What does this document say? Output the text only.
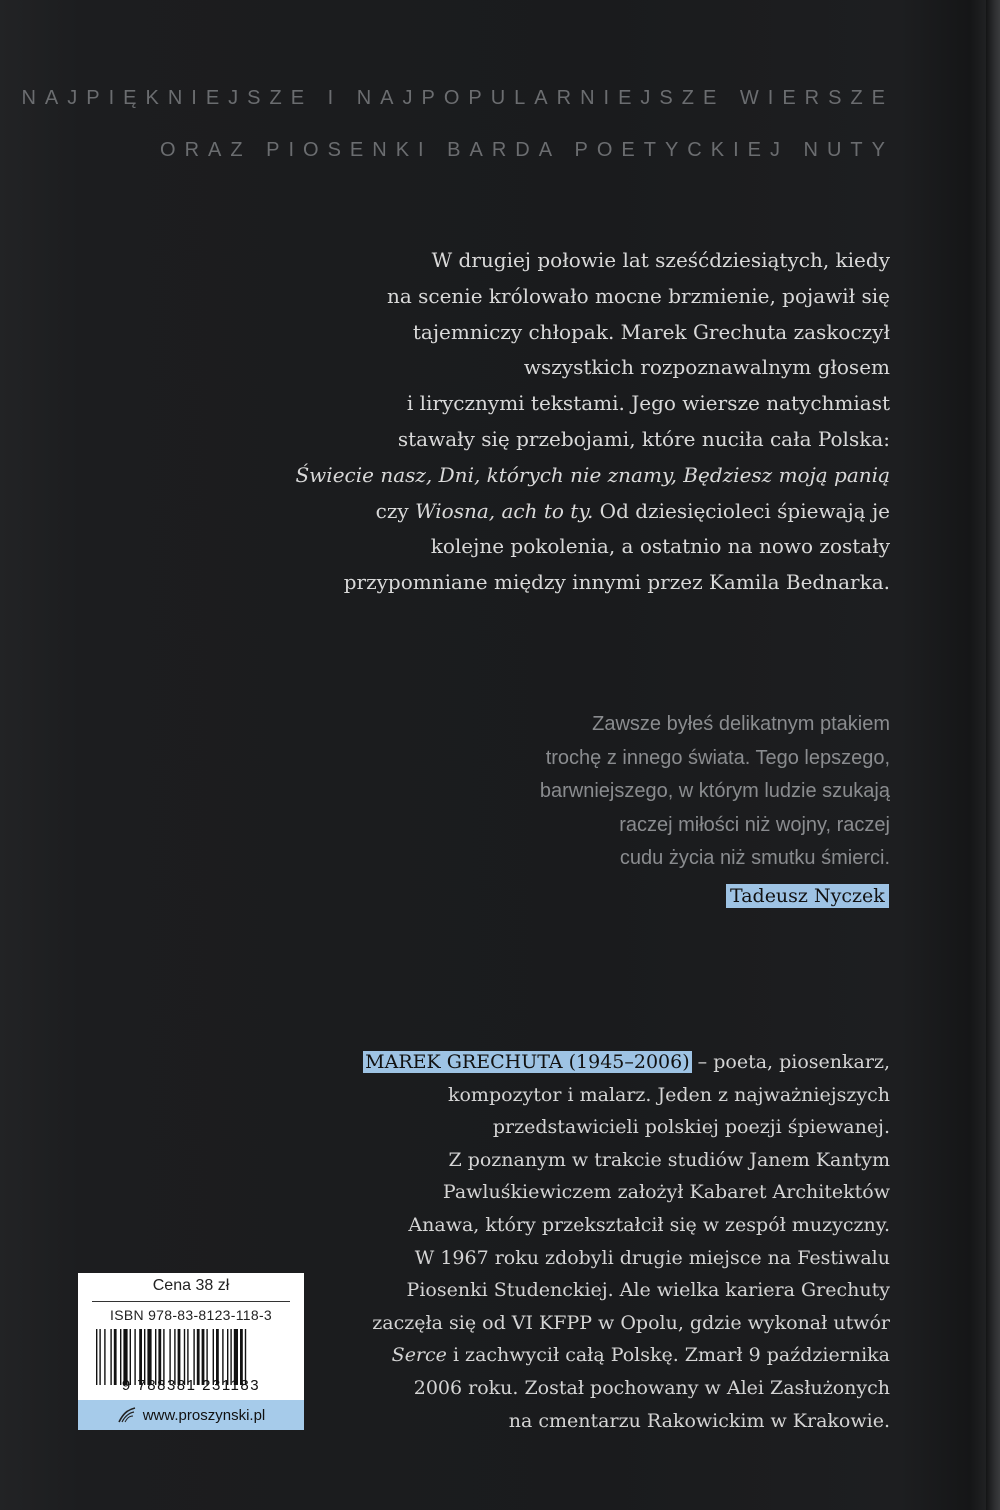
NAJPIĘKNIEJSZE I NAJPOPULARNIEJSZE WIERSZE
ORAZ PIOSENKI BARDA POETYCKIEJ NUTY
W drugiej połowie lat sześćdziesiątych, kiedy
na scenie królowało mocne brzmienie, pojawił się
tajemniczy chłopak. Marek Grechuta zaskoczył
wszystkich rozpoznawalnym głosem
i lirycznymi tekstami. Jego wiersze natychmiast
stawały się przebojami, które nuciła cała Polska:
Świecie nasz, Dni, których nie znamy, Będziesz moją panią
czy Wiosna, ach to ty. Od dziesięcioleci śpiewają je
kolejne pokolenia, a ostatnio na nowo zostały
przypomniane między innymi przez Kamila Bednarka.
Zawsze byłeś delikatnym ptakiem
trochę z innego świata. Tego lepszego,
barwniejszego, w którym ludzie szukają
raczej miłości niż wojny, raczej
cudu życia niż smutku śmierci.
Tadeusz Nyczek
MAREK GRECHUTA (1945–2006) – poeta, piosenkarz,
kompozytor i malarz. Jeden z najważniejszych
przedstawicieli polskiej poezji śpiewanej.
Z poznanym w trakcie studiów Janem Kantym
Pawluśkiewiczem założył Kabaret Architektów
Anawa, który przekształcił się w zespół muzyczny.
W 1967 roku zdobyli drugie miejsce na Festiwalu
Piosenki Studenckiej. Ale wielka kariera Grechuty
zaczęła się od VI KFPP w Opolu, gdzie wykonał utwór
Serce i zachwycił całą Polskę. Zmarł 9 października
2006 roku. Został pochowany w Alei Zasłużonych
na cmentarzu Rakowickim w Krakowie.
Cena 38 zł
ISBN 978-83-8123-118-3
9 788381 231183
www.proszynski.pl
